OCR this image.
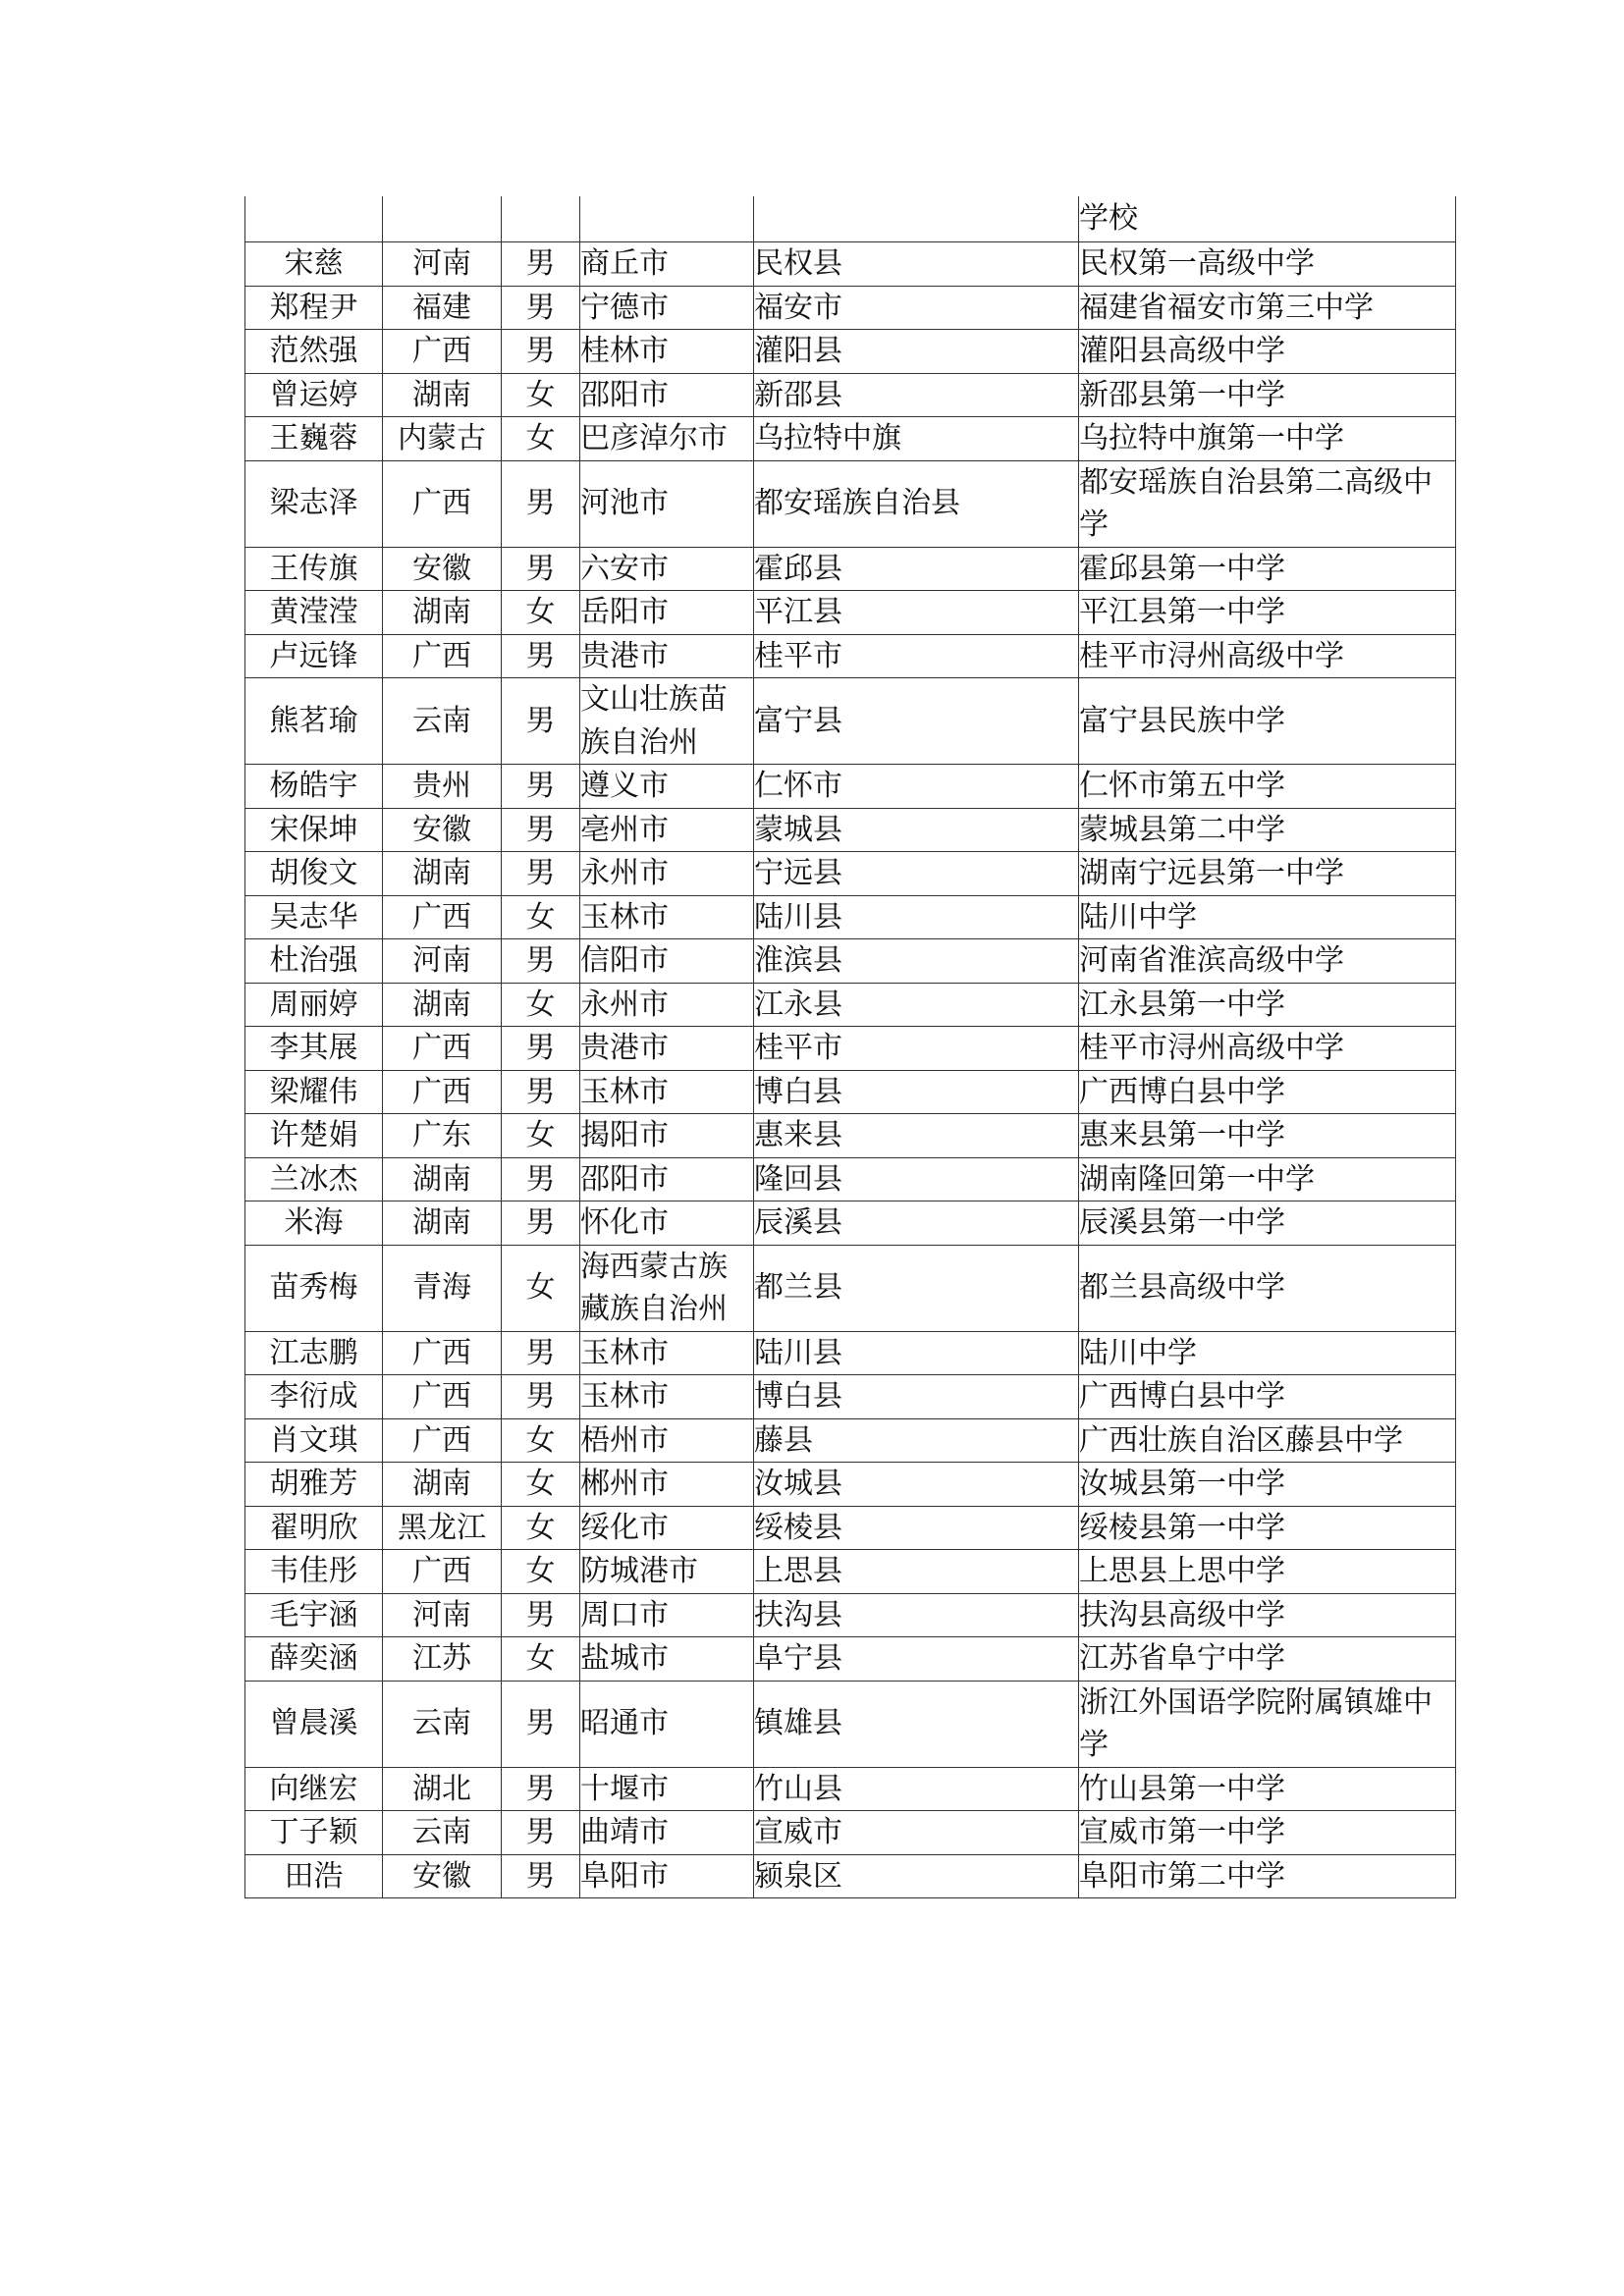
					学校
宋慈	河南	男	商丘市	民权县	民权第一高级中学
郑程尹	福建	男	宁德市	福安市	福建省福安市第三中学
范然强	广西	男	桂林市	灌阳县	灌阳县高级中学
曾运婷	湖南	女	邵阳市	新邵县	新邵县第一中学
王巍蓉	内蒙古	女	巴彦淖尔市	乌拉特中旗	乌拉特中旗第一中学
梁志泽	广西	男	河池市	都安瑶族自治县	都安瑶族自治县第二高级中学
王传旗	安徽	男	六安市	霍邱县	霍邱县第一中学
黄滢滢	湖南	女	岳阳市	平江县	平江县第一中学
卢远锋	广西	男	贵港市	桂平市	桂平市浔州高级中学
熊茗瑜	云南	男	文山壮族苗族自治州	富宁县	富宁县民族中学
杨皓宇	贵州	男	遵义市	仁怀市	仁怀市第五中学
宋保坤	安徽	男	亳州市	蒙城县	蒙城县第二中学
胡俊文	湖南	男	永州市	宁远县	湖南宁远县第一中学
吴志华	广西	女	玉林市	陆川县	陆川中学
杜治强	河南	男	信阳市	淮滨县	河南省淮滨高级中学
周丽婷	湖南	女	永州市	江永县	江永县第一中学
李其展	广西	男	贵港市	桂平市	桂平市浔州高级中学
梁耀伟	广西	男	玉林市	博白县	广西博白县中学
许楚娟	广东	女	揭阳市	惠来县	惠来县第一中学
兰冰杰	湖南	男	邵阳市	隆回县	湖南隆回第一中学
米海	湖南	男	怀化市	辰溪县	辰溪县第一中学
苗秀梅	青海	女	海西蒙古族藏族自治州	都兰县	都兰县高级中学
江志鹏	广西	男	玉林市	陆川县	陆川中学
李衍成	广西	男	玉林市	博白县	广西博白县中学
肖文琪	广西	女	梧州市	藤县	广西壮族自治区藤县中学
胡雅芳	湖南	女	郴州市	汝城县	汝城县第一中学
翟明欣	黑龙江	女	绥化市	绥棱县	绥棱县第一中学
韦佳彤	广西	女	防城港市	上思县	上思县上思中学
毛宇涵	河南	男	周口市	扶沟县	扶沟县高级中学
薛奕涵	江苏	女	盐城市	阜宁县	江苏省阜宁中学
曾晨溪	云南	男	昭通市	镇雄县	浙江外国语学院附属镇雄中学
向继宏	湖北	男	十堰市	竹山县	竹山县第一中学
丁子颖	云南	男	曲靖市	宣威市	宣威市第一中学
田浩	安徽	男	阜阳市	颍泉区	阜阳市第二中学
